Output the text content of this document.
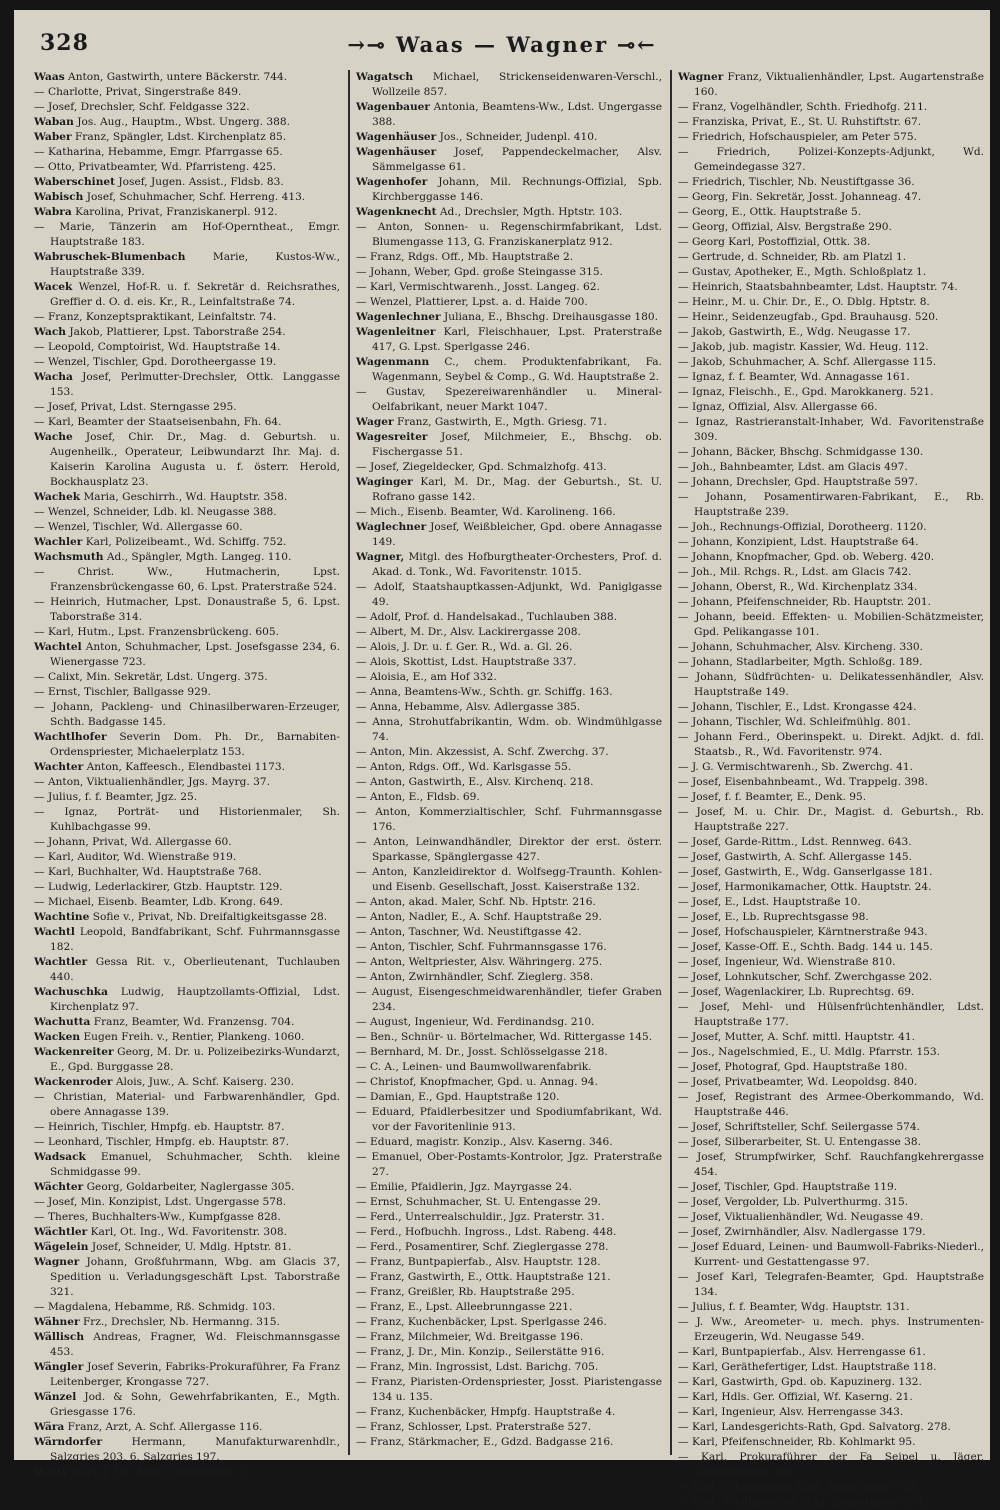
328	→⊸ Waas — Wagner ⊸←

Waas Anton, Gastwirth, untere Bäckerstr. 744.

— Charlotte, Privat, Singerstraße 849.

— Josef, Drechsler, Schf. Feldgasse 322.

Waban Jos. Aug., Hauptm., Wbst. Ungerg. 388.

Waber Franz, Spängler, Ldst. Kirchenplatz 85.

— Katharina, Hebamme, Emgr. Pfarrgasse 65.

— Otto, Privatbeamter, Wd. Pfarristeng. 425.

Waberschinet Josef, Jugen. Assist., Fldsb. 83.

Wabisch Josef, Schuhmacher, Schf. Herreng. 413.

Wabra Karolina, Privat, Franziskanerpl. 912.

— Marie, Tänzerin am Hof-Operntheat., Emgr. Hauptstraße 183.

Wabruschek-Blumenbach Marie, Kustos-Ww., Hauptstraße 339.

Wacek Wenzel, Hof-R. u. f. Sekretär d. Reichsrathes, Greffier d. O. d. eis. Kr., R., Leinfaltstraße 74.

— Franz, Konzeptspraktikant, Leinfaltstr. 74.

Wach Jakob, Plattierer, Lpst. Taborstraße 254.

— Leopold, Comptoirist, Wd. Hauptstraße 14.

— Wenzel, Tischler, Gpd. Dorotheergasse 19.

Wacha Josef, Perlmutter-Drechsler, Ottk. Langgasse 153.

— Josef, Privat, Ldst. Sterngasse 295.

— Karl, Beamter der Staatseisenbahn, Fh. 64.

Wache Josef, Chir. Dr., Mag. d. Geburtsh. u. Augenheilk., Operateur, Leibwundarzt Ihr. Maj. d. Kaiserin Karolina Augusta u. f. österr. Herold, Bockhausplatz 23.

Wachek Maria, Geschirrh., Wd. Hauptstr. 358.

— Wenzel, Schneider, Ldb. kl. Neugasse 388.

— Wenzel, Tischler, Wd. Allergasse 60.

Wachler Karl, Polizeibeamt., Wd. Schiffg. 752.

Wachsmuth Ad., Spängler, Mgth. Langeg. 110.

— Christ. Ww., Hutmacherin, Lpst. Franzensbrückengasse 60, 6. Lpst. Praterstraße 524.

— Heinrich, Hutmacher, Lpst. Donaustraße 5, 6. Lpst. Taborstraße 314.

— Karl, Hutm., Lpst. Franzensbrückeng. 605.

Wachtel Anton, Schuhmacher, Lpst. Josefsgasse 234, 6. Wienergasse 723.

— Calixt, Min. Sekretär, Ldst. Ungerg. 375.

— Ernst, Tischler, Ballgasse 929.

— Johann, Packleng- und Chinasilberwaren-Erzeuger, Schth. Badgasse 145.

Wachtlhofer Severin Dom. Ph. Dr., Barnabiten-Ordenspriester, Michaelerplatz 153.

Wachter Anton, Kaffeesch., Elendbastei 1173.

— Anton, Viktualienhändler, Jgs. Mayrg. 37.

— Julius, f. f. Beamter, Jgz. 25.

— Ignaz, Porträt- und Historienmaler, Sh. Kuhlbachgasse 99.

— Johann, Privat, Wd. Allergasse 60.

— Karl, Auditor, Wd. Wienstraße 919.

— Karl, Buchhalter, Wd. Hauptstraße 768.

— Ludwig, Lederlackirer, Gtzb. Hauptstr. 129.

— Michael, Eisenb. Beamter, Ldb. Krong. 649.

Wachtine Sofie v., Privat, Nb. Dreifaltigkeitsgasse 28.

Wachtl Leopold, Bandfabrikant, Schf. Fuhrmannsgasse 182.

Wachtler Gessa Rit. v., Oberlieutenant, Tuchlauben 440.

Wachuschka Ludwig, Hauptzollamts-Offizial, Ldst. Kirchenplatz 97.

Wachutta Franz, Beamter, Wd. Franzensg. 704.

Wacken Eugen Freih. v., Rentier, Plankeng. 1060.

Wackenreiter Georg, M. Dr. u. Polizeibezirks-Wundarzt, E., Gpd. Burggasse 28.

Wackenroder Alois, Juw., A. Schf. Kaiserg. 230.

— Christian, Material- und Farbwarenhändler, Gpd. obere Annagasse 139.

— Heinrich, Tischler, Hmpfg. eb. Hauptstr. 87.

— Leonhard, Tischler, Hmpfg. eb. Hauptstr. 87.

Wadsack Emanuel, Schuhmacher, Schth. kleine Schmidgasse 99.

Wächter Georg, Goldarbeiter, Naglergasse 305.

— Josef, Min. Konzipist, Ldst. Ungergasse 578.

— Theres, Buchhalters-Ww., Kumpfgasse 828.

Wächtler Karl, Ot. Ing., Wd. Favoritenstr. 308.

Wägelein Josef, Schneider, U. Mdlg. Hptstr. 81.

Wagner Johann, Großfuhrmann, Wbg. am Glacis 37, Spedition u. Verladungsgeschäft Lpst. Taborstraße 321.

— Magdalena, Hebamme, Rß. Schmidg. 103.

Wähner Frz., Drechsler, Nb. Hermanng. 315.

Wällisch Andreas, Fragner, Wd. Fleischmannsgasse 453.

Wängler Josef Severin, Fabriks-Prokuraführer, Fa Franz Leitenberger, Krongasse 727.

Wänzel Jod. & Sohn, Gewehrfabrikanten, E., Mgth. Griesgasse 176.

Wära Franz, Arzt, A. Schf. Allergasse 116.

Wärndorfer Hermann, Manufakturwarenhdlr., Salzgries 203, 6. Salzgries 197.

Wätty Josef, J. Dr., Emgr. Wienstraße 37.

Wagatsch Michael, Strickenseidenwaren-Verschl., Wollzeile 857.

Wagenbauer Antonia, Beamtens-Ww., Ldst. Ungergasse 388.

Wagenhäuser Jos., Schneider, Judenpl. 410.

Wagenhäuser Josef, Pappendeckelmacher, Alsv. Sämmelgasse 61.

Wagenhofer Johann, Mil. Rechnungs-Offizial, Spb. Kirchberggasse 146.

Wagenknecht Ad., Drechsler, Mgth. Hptstr. 103.

— Anton, Sonnen- u. Regenschirmfabrikant, Ldst. Blumengasse 113, G. Franziskanerplatz 912.

— Franz, Rdgs. Off., Mb. Hauptstraße 2.

— Johann, Weber, Gpd. große Steingasse 315.

— Karl, Vermischtwarenh., Josst. Langeg. 62.

— Wenzel, Plattierer, Lpst. a. d. Haide 700.

Wagenlechner Juliana, E., Bhschg. Dreihausgasse 180.

Wagenleitner Karl, Fleischhauer, Lpst. Praterstraße 417, G. Lpst. Sperlgasse 246.

Wagenmann C., chem. Produktenfabrikant, Fa. Wagenmann, Seybel & Comp., G. Wd. Hauptstraße 2.

— Gustav, Spezereiwarenhändler u. Mineral-Oelfabrikant, neuer Markt 1047.

Wager Franz, Gastwirth, E., Mgth. Griesg. 71.

Wagesreiter Josef, Milchmeier, E., Bhschg. ob. Fischergasse 51.

— Josef, Ziegeldecker, Gpd. Schmalzhofg. 413.

Waginger Karl, M. Dr., Mag. der Geburtsh., St. U. Rofrano gasse 142.

— Mich., Eisenb. Beamter, Wd. Karolineng. 166.

Waglechner Josef, Weißbleicher, Gpd. obere Annagasse 149.

Wagner, Mitgl. des Hofburgtheater-Orchesters, Prof. d. Akad. d. Tonk., Wd. Favoritenstr. 1015.

— Adolf, Staatshauptkassen-Adjunkt, Wd. Paniglgasse 49.

— Adolf, Prof. d. Handelsakad., Tuchlauben 388.

— Albert, M. Dr., Alsv. Lackirergasse 208.

— Alois, J. Dr. u. f. Ger. R., Wd. a. Gl. 26.

— Alois, Skottist, Ldst. Hauptstraße 337.

— Aloisia, E., am Hof 332.

— Anna, Beamtens-Ww., Schth. gr. Schiffg. 163.

— Anna, Hebamme, Alsv. Adlergasse 385.

— Anna, Strohutfabrikantin, Wdm. ob. Windmühlgasse 74.

— Anton, Min. Akzessist, A. Schf. Zwerchg. 37.

— Anton, Rdgs. Off., Wd. Karlsgasse 55.

— Anton, Gastwirth, E., Alsv. Kirchenq. 218.

— Anton, E., Fldsb. 69.

— Anton, Kommerzialtischler, Schf. Fuhrmannsgasse 176.

— Anton, Leinwandhändler, Direktor der erst. österr. Sparkasse, Spänglergasse 427.

— Anton, Kanzleidirektor d. Wolfsegg-Traunth. Kohlen- und Eisenb. Gesellschaft, Josst. Kaiserstraße 132.

— Anton, akad. Maler, Schf. Nb. Hptstr. 216.

— Anton, Nadler, E., A. Schf. Hauptstraße 29.

— Anton, Taschner, Wd. Neustiftgasse 42.

— Anton, Tischler, Schf. Fuhrmannsgasse 176.

— Anton, Weltpriester, Alsv. Währingerg. 275.

— Anton, Zwirnhändler, Schf. Zieglerg. 358.

— August, Eisengeschmeidwarenhändler, tiefer Graben 234.

— August, Ingenieur, Wd. Ferdinandsg. 210.

— Ben., Schnür- u. Börtelmacher, Wd. Rittergasse 145.

— Bernhard, M. Dr., Josst. Schlösselgasse 218.

— C. A., Leinen- und Baumwollwarenfabrik.

— Christof, Knopfmacher, Gpd. u. Annag. 94.

— Damian, E., Gpd. Hauptstraße 120.

— Eduard, Pfaidlerbesitzer und Spodiumfabrikant, Wd. vor der Favoritenlinie 913.

— Eduard, magistr. Konzip., Alsv. Kaserng. 346.

— Emanuel, Ober-Postamts-Kontrolor, Jgz. Praterstraße 27.

— Emilie, Pfaidlerin, Jgz. Mayrgasse 24.

— Ernst, Schuhmacher, St. U. Entengasse 29.

— Ferd., Unterrealschuldir., Jgz. Praterstr. 31.

— Ferd., Hofbuchh. Ingross., Ldst. Rabeng. 448.

— Ferd., Posamentirer, Schf. Zieglergasse 278.

— Franz, Buntpapierfab., Alsv. Hauptstr. 128.

— Franz, Gastwirth, E., Ottk. Hauptstraße 121.

— Franz, Greißler, Rb. Hauptstraße 295.

— Franz, E., Lpst. Alleebrunngasse 221.

— Franz, Kuchenbäcker, Lpst. Sperlgasse 246.

— Franz, Milchmeier, Wd. Breitgasse 196.

— Franz, J. Dr., Min. Konzip., Seilerstätte 916.

— Franz, Min. Ingrossist, Ldst. Barichg. 705.

— Franz, Piaristen-Ordenspriester, Josst. Piaristengasse 134 u. 135.

— Franz, Kuchenbäcker, Hmpfg. Hauptstraße 4.

— Franz, Schlosser, Lpst. Praterstraße 527.

— Franz, Stärkmacher, E., Gdzd. Badgasse 216.

Wagner Franz, Viktualienhändler, Lpst. Augartenstraße 160.

— Franz, Vogelhändler, Schth. Friedhofg. 211.

— Franziska, Privat, E., St. U. Ruhstiftstr. 67.

— Friedrich, Hofschauspieler, am Peter 575.

— Friedrich, Polizei-Konzepts-Adjunkt, Wd. Gemeindegasse 327.

— Friedrich, Tischler, Nb. Neustiftgasse 36.

— Georg, Fin. Sekretär, Josst. Johanneag. 47.

— Georg, E., Ottk. Hauptstraße 5.

— Georg, Offizial, Alsv. Bergstraße 290.

— Georg Karl, Postoffizial, Ottk. 38.

— Gertrude, d. Schneider, Rb. am Platzl 1.

— Gustav, Apotheker, E., Mgth. Schloßplatz 1.

— Heinrich, Staatsbahnbeamter, Ldst. Hauptstr. 74.

— Heinr., M. u. Chir. Dr., E., O. Dblg. Hptstr. 8.

— Heinr., Seidenzeugfab., Gpd. Brauhausg. 520.

— Jakob, Gastwirth, E., Wdg. Neugasse 17.

— Jakob, jub. magistr. Kassier, Wd. Heug. 112.

— Jakob, Schuhmacher, A. Schf. Allergasse 115.

— Ignaz, f. f. Beamter, Wd. Annagasse 161.

— Ignaz, Fleischh., E., Gpd. Marokkanerg. 521.

— Ignaz, Offizial, Alsv. Allergasse 66.

— Ignaz, Rastrieranstalt-Inhaber, Wd. Favoritenstraße 309.

— Johann, Bäcker, Bhschg. Schmidgasse 130.

— Joh., Bahnbeamter, Ldst. am Glacis 497.

— Johann, Drechsler, Gpd. Hauptstraße 597.

— Johann, Posamentirwaren-Fabrikant, E., Rb. Hauptstraße 239.

— Joh., Rechnungs-Offizial, Dorotheerg. 1120.

— Johann, Konzipient, Ldst. Hauptstraße 64.

— Johann, Knopfmacher, Gpd. ob. Weberg. 420.

— Joh., Mil. Rchgs. R., Ldst. am Glacis 742.

— Johann, Oberst, R., Wd. Kirchenplatz 334.

— Johann, Pfeifenschneider, Rb. Hauptstr. 201.

— Johann, beeid. Effekten- u. Mobilien-Schätzmeister, Gpd. Pelikangasse 101.

— Johann, Schuhmacher, Alsv. Kircheng. 330.

— Johann, Stadlarbeiter, Mgth. Schloßg. 189.

— Johann, Südfrüchten- u. Delikatessenhändler, Alsv. Hauptstraße 149.

— Johann, Tischler, E., Ldst. Krongasse 424.

— Johann, Tischler, Wd. Schleifmühlg. 801.

— Johann Ferd., Oberinspekt. u. Direkt. Adjkt. d. fdl. Staatsb., R., Wd. Favoritenstr. 974.

— J. G. Vermischtwarenh., Sb. Zwerchg. 41.

— Josef, Eisenbahnbeamt., Wd. Trappelg. 398.

— Josef, f. f. Beamter, E., Denk. 95.

— Josef, M. u. Chir. Dr., Magist. d. Geburtsh., Rb. Hauptstraße 227.

— Josef, Garde-Rittm., Ldst. Rennweg. 643.

— Josef, Gastwirth, A. Schf. Allergasse 145.

— Josef, Gastwirth, E., Wdg. Ganserlgasse 181.

— Josef, Harmonikamacher, Ottk. Hauptstr. 24.

— Josef, E., Ldst. Hauptstraße 10.

— Josef, E., Lb. Ruprechtsgasse 98.

— Josef, Hofschauspieler, Kärntnerstraße 943.

— Josef, Kasse-Off. E., Schth. Badg. 144 u. 145.

— Josef, Ingenieur, Wd. Wienstraße 810.

— Josef, Lohnkutscher, Schf. Zwerchgasse 202.

— Josef, Wagenlackirer, Lb. Ruprechtsg. 69.

— Josef, Mehl- und Hülsenfrüchtenhändler, Ldst. Hauptstraße 177.

— Josef, Mutter, A. Schf. mittl. Hauptstr. 41.

— Jos., Nagelschmied, E., U. Mdlg. Pfarrstr. 153.

— Josef, Photograf, Gpd. Hauptstraße 180.

— Josef, Privatbeamter, Wd. Leopoldsg. 840.

— Josef, Registrant des Armee-Oberkommando, Wd. Hauptstraße 446.

— Josef, Schriftsteller, Schf. Seilergasse 574.

— Josef, Silberarbeiter, St. U. Entengasse 38.

— Josef, Strumpfwirker, Schf. Rauchfangkehrergasse 454.

— Josef, Tischler, Gpd. Hauptstraße 119.

— Josef, Vergolder, Lb. Pulverthurmg. 315.

— Josef, Viktualienhändler, Wd. Neugasse 49.

— Josef, Zwirnhändler, Alsv. Nadlergasse 179.

— Josef Eduard, Leinen- und Baumwoll-Fabriks-Niederl., Kurrent- und Gestattengasse 97.

— Josef Karl, Telegrafen-Beamter, Gpd. Hauptstraße 134.

— Julius, f. f. Beamter, Wdg. Hauptstr. 131.

— J. Ww., Areometer- u. mech. phys. Instrumenten-Erzeugerin, Wd. Neugasse 549.

— Karl, Buntpapierfab., Alsv. Herrengasse 61.

— Karl, Geräthefertiger, Ldst. Hauptstraße 118.

— Karl, Gastwirth, Gpd. ob. Kapuzinerg. 132.

— Karl, Hdls. Ger. Offizial, Wf. Kaserng. 21.

— Karl, Ingenieur, Alsv. Herrengasse 343.

— Karl, Landesgerichts-Rath, Gpd. Salvatorg. 278.

— Karl, Pfeifenschneider, Rb. Kohlmarkt 95.

— Karl, Prokuraführer der Fa Seipel u. Jäger, Salvatorgasse 365.

— Karl, Schauspieler, Lpst. Taborstraße 752.

— Karl, Schuhmacher, Schf. Zieglergasse 354.
